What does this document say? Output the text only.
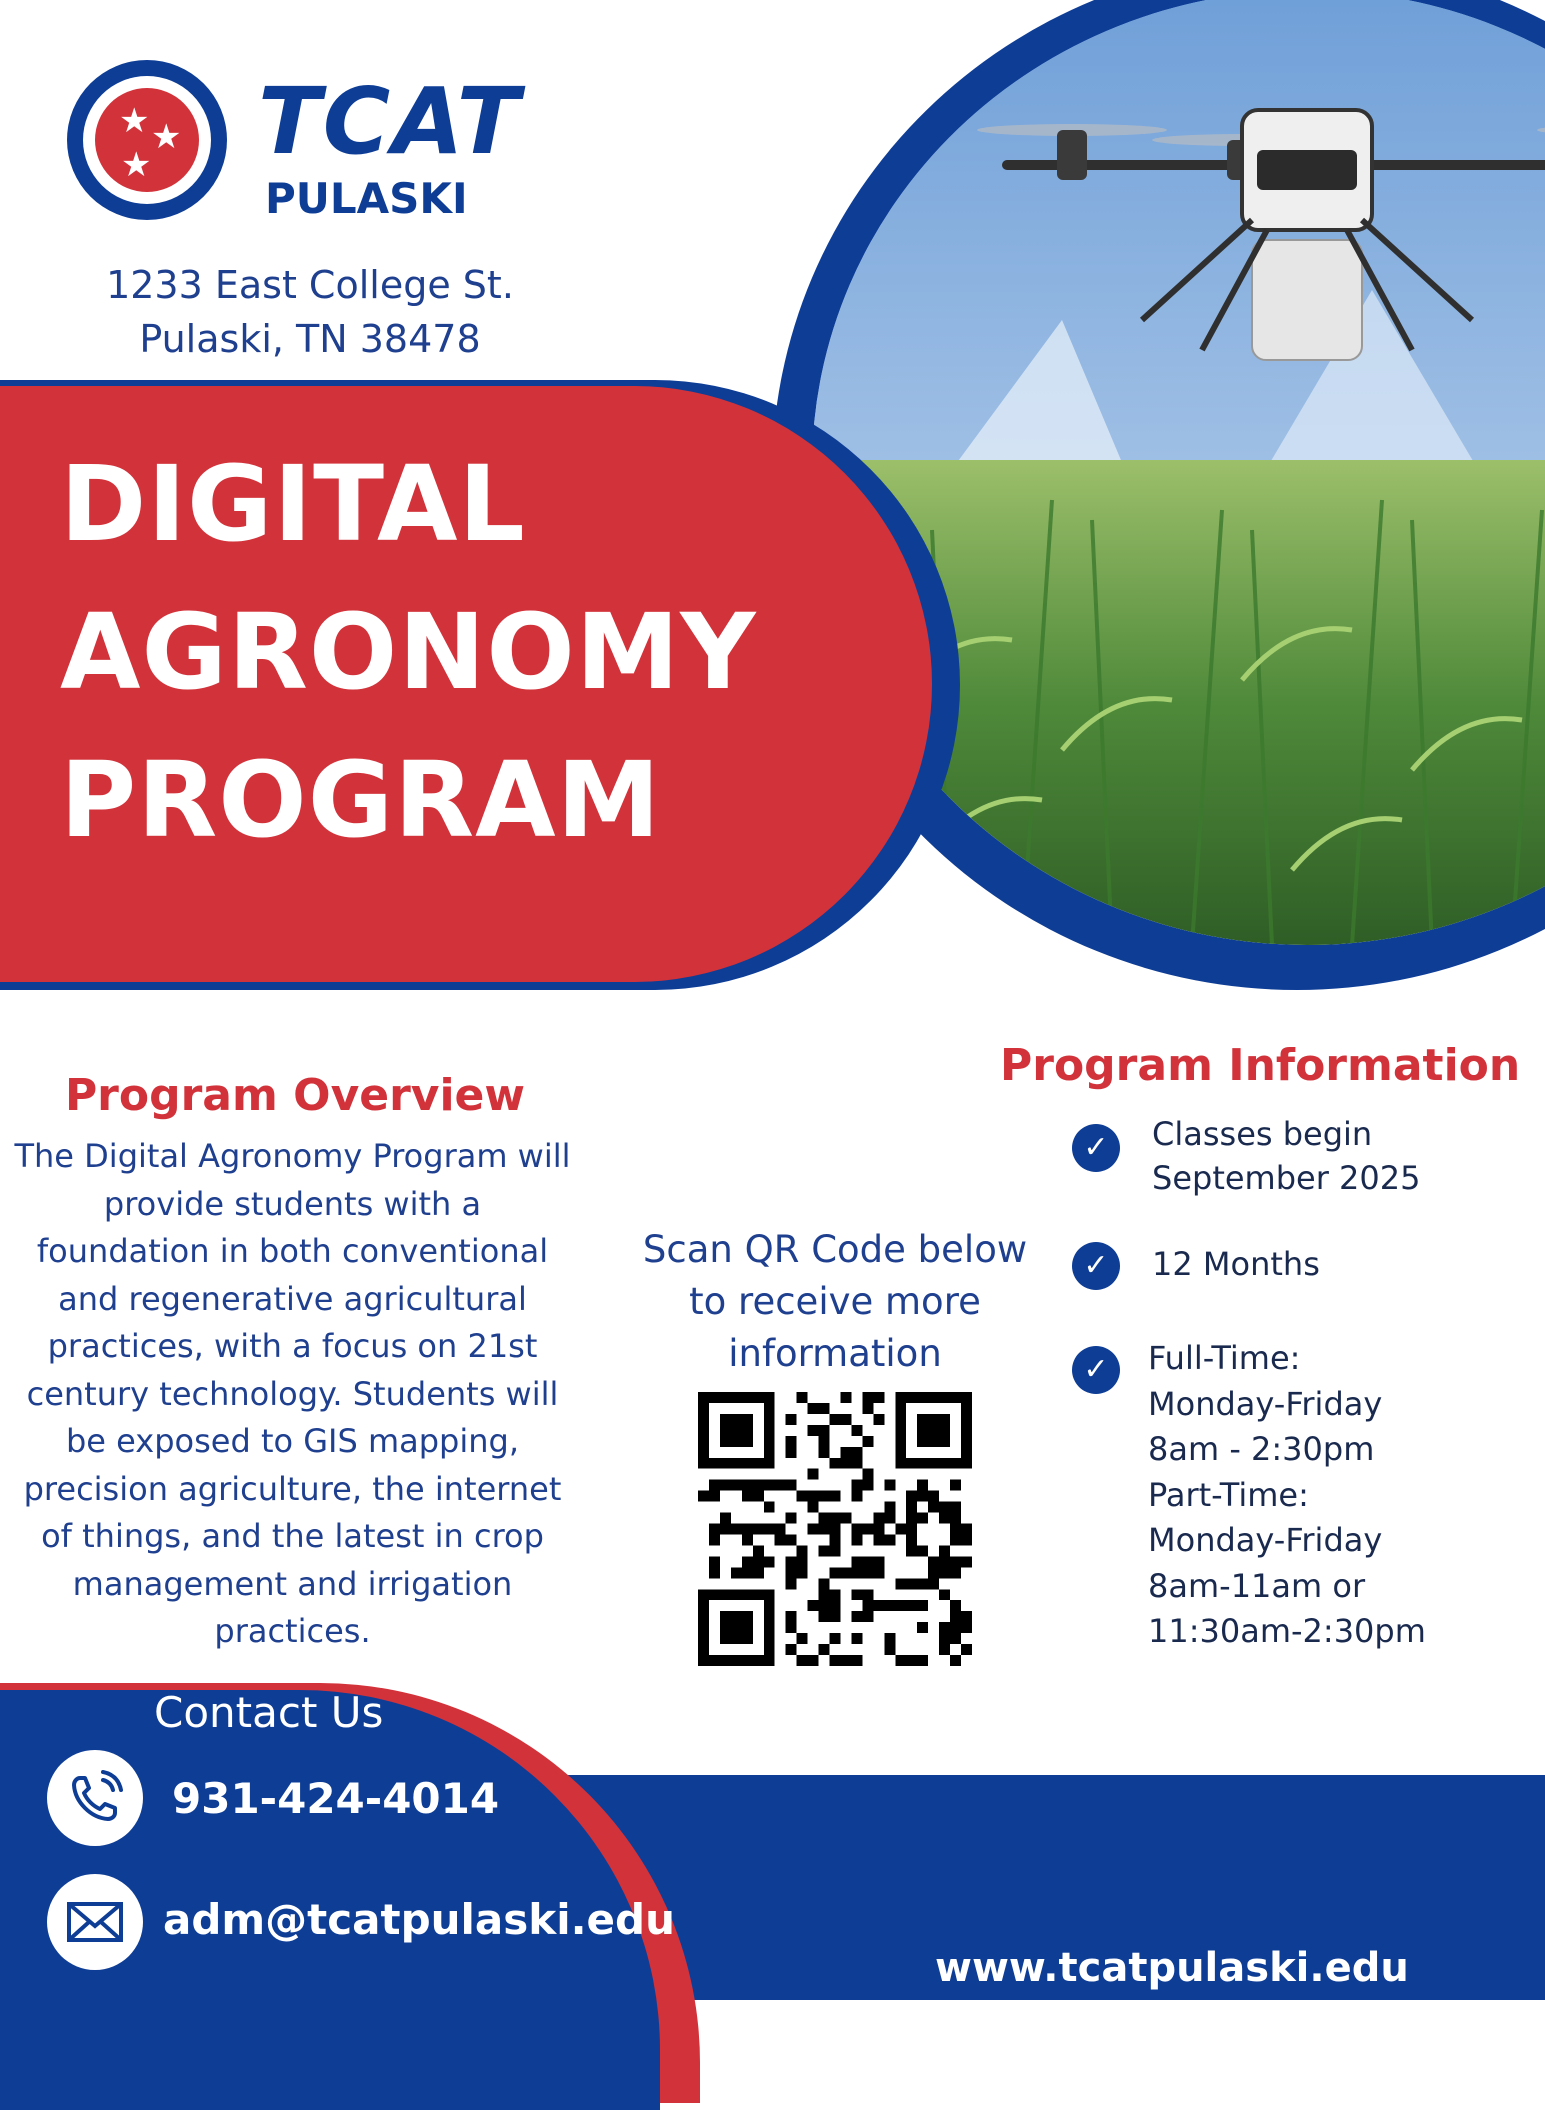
★ ★
★ TCAT
PULASKI
1233 East College St.
Pulaski, TN 38478
DIGITAL
AGRONOMY
PROGRAM
Program Overview
The Digital Agronomy Program will
provide students with a
foundation in both conventional
and regenerative agricultural
practices, with a focus on 21st
century technology. Students will
be exposed to GIS mapping,
precision agriculture, the internet
of things, and the latest in crop
management and irrigation
practices.
Scan QR Code below
to receive more
information
Program Information
✓	Classes begin
September 2025
✓	12 Months
✓	Full-Time:
Monday-Friday
8am - 2:30pm
Part-Time:
Monday-Friday
8am-11am or
11:30am-2:30pm
Contact Us
931-424-4014
adm@tcatpulaski.edu
www.tcatpulaski.edu
